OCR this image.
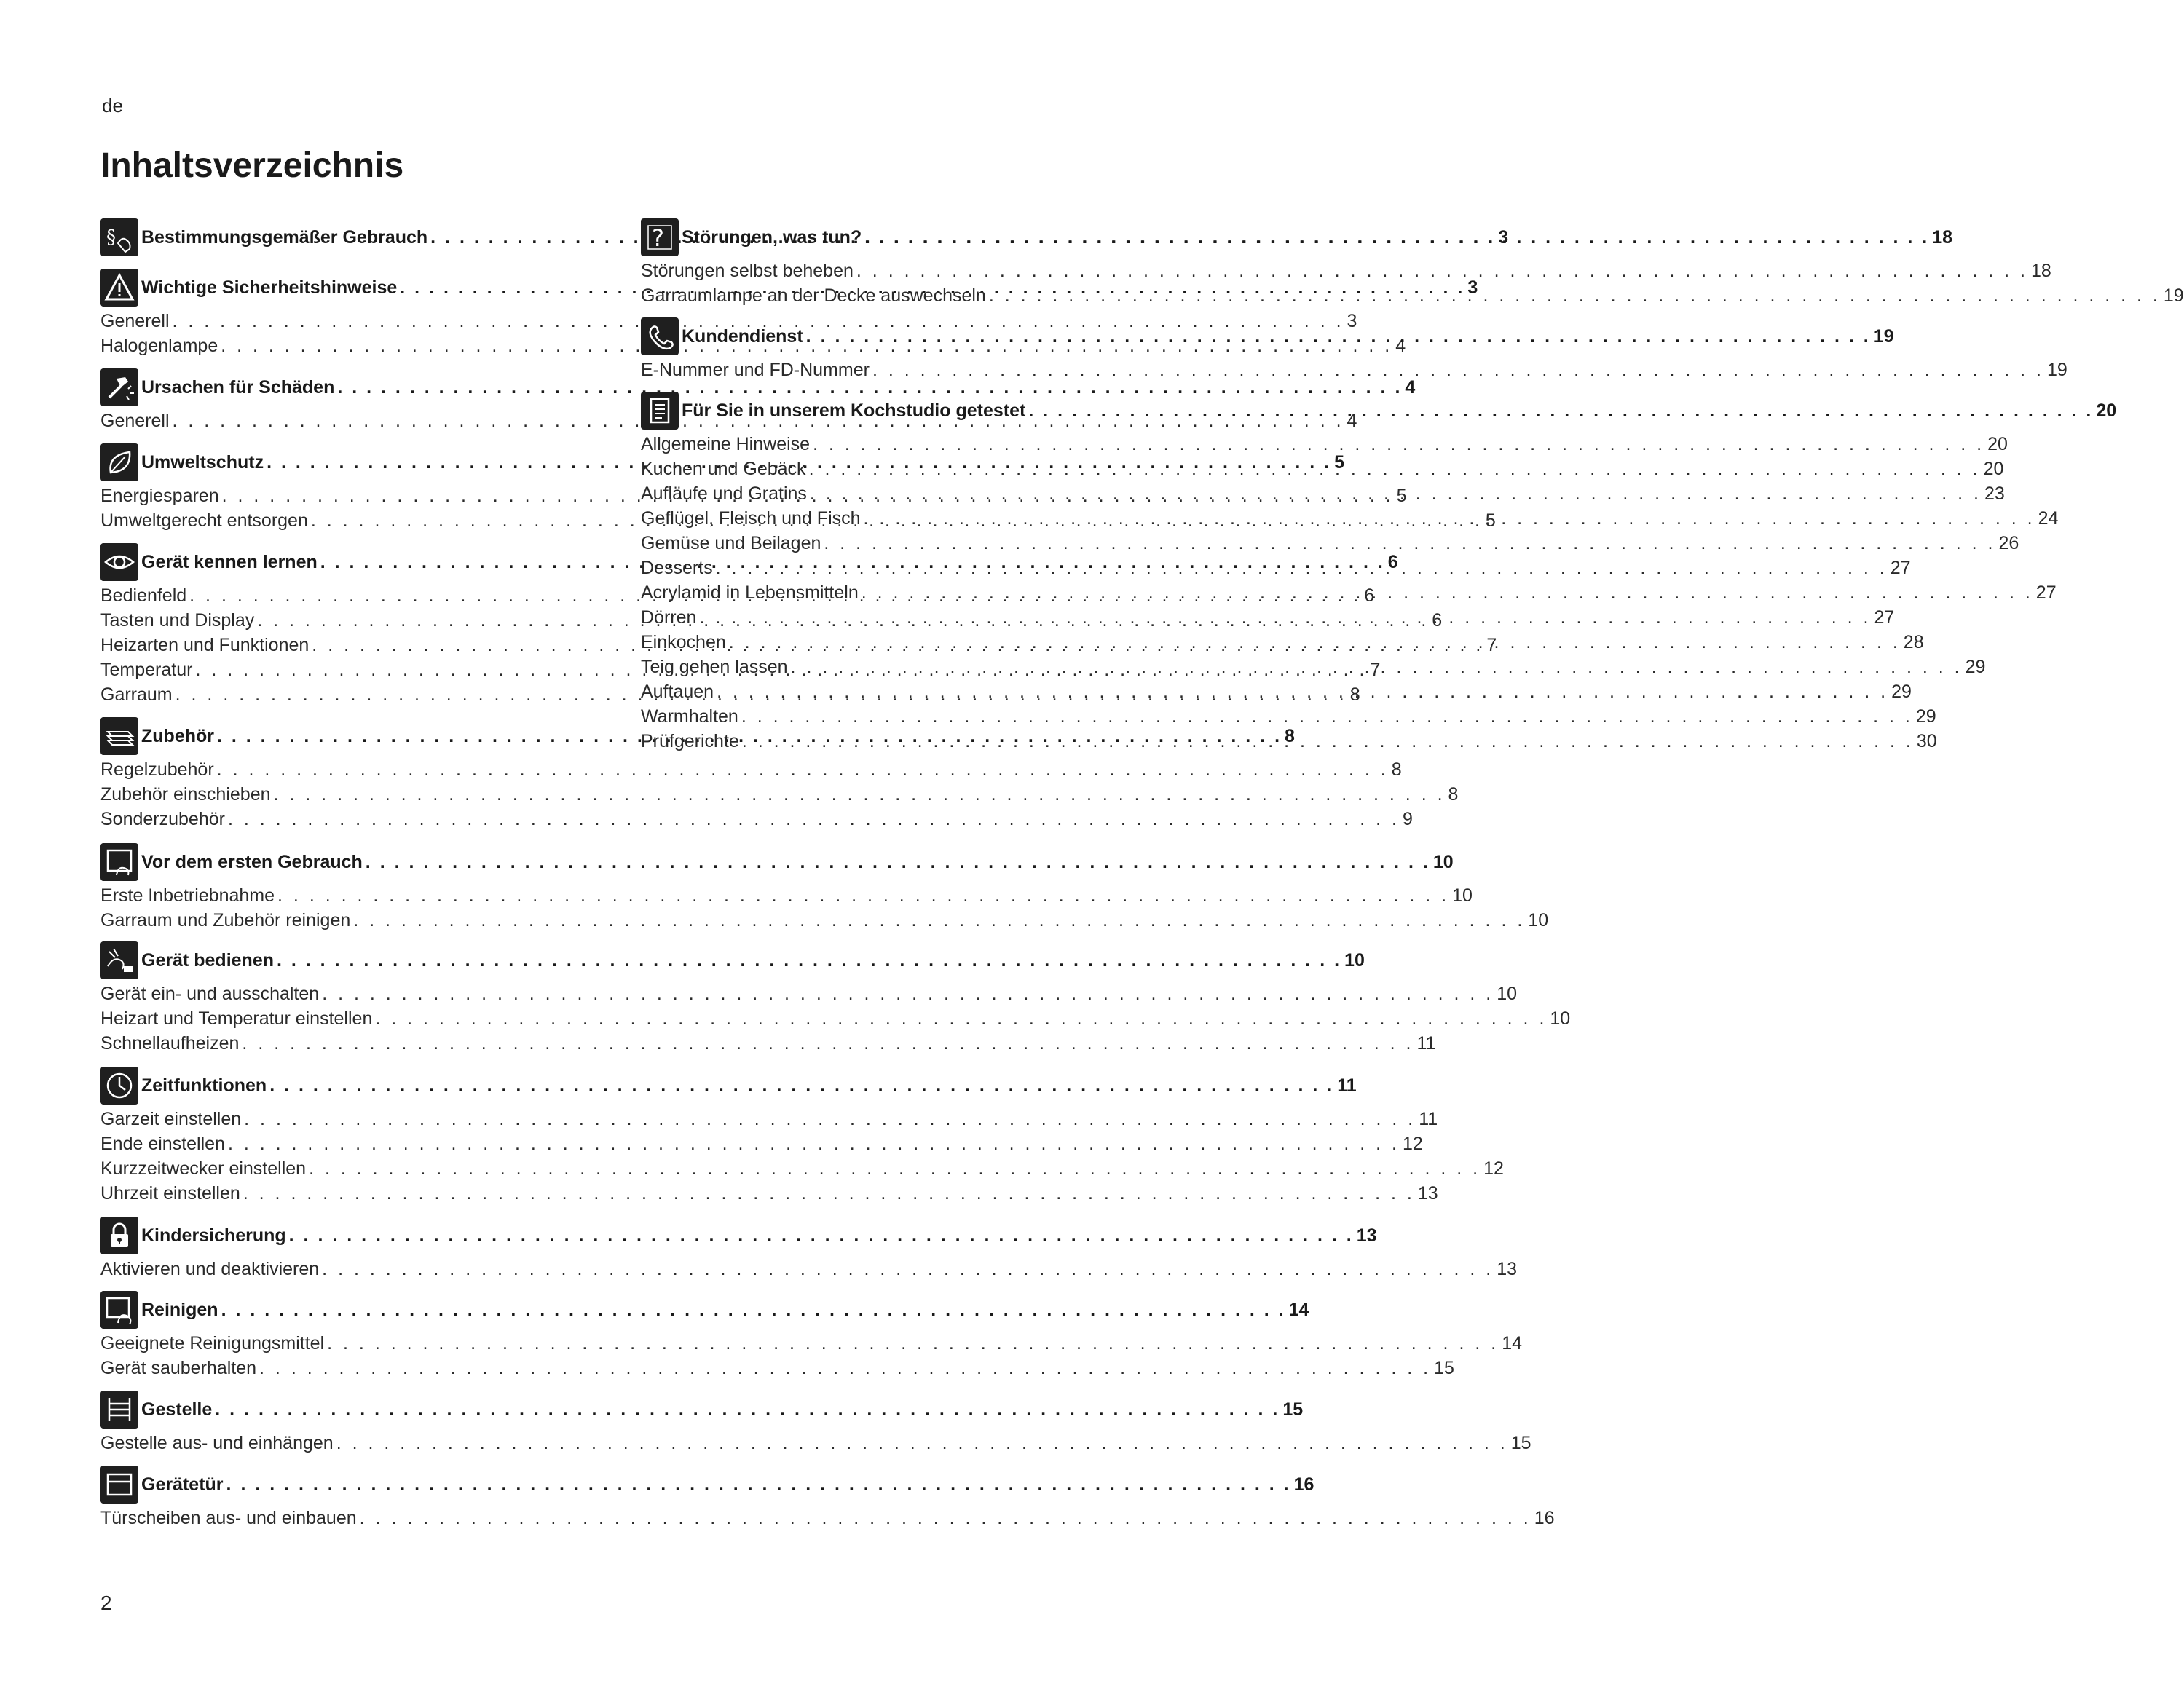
de
Inhaltsverzeichnis
§ Bestimmungsgemäßer Gebrauch . . .	3
Wichtige Sicherheitshinweise . . .	3
Generell . . .	3
Halogenlampe . . .	4
Ursachen für Schäden . . .	4
Generell . . .	4
Umweltschutz . . .	5
Energiesparen . . .	5
Umweltgerecht entsorgen . . .	5
Gerät kennen lernen . . .	6
Bedienfeld . . .	6
Tasten und Display . . .	6
Heizarten und Funktionen . . .	7
Temperatur . . .	7
Garraum . . .	8
Zubehör . . .	8
Regelzubehör . . .	8
Zubehör einschieben . . .	8
Sonderzubehör . . .	9
Vor dem ersten Gebrauch . . .	10
Erste Inbetriebnahme . . .	10
Garraum und Zubehör reinigen . . .	10
Gerät bedienen . . .	10
Gerät ein- und ausschalten . . .	10
Heizart und Temperatur einstellen . . .	10
Schnellaufheizen . . .	11
Zeitfunktionen . . .	11
Garzeit einstellen . . .	11
Ende einstellen . . .	12
Kurzzeitwecker einstellen . . .	12
Uhrzeit einstellen . . .	13
Kindersicherung . . .	13
Aktivieren und deaktivieren . . .	13
Reinigen . . .	14
Geeignete Reinigungsmittel . . .	14
Gerät sauberhalten . . .	15
Gestelle . . .	15
Gestelle aus- und einhängen . . .	15
Gerätetür . . .	16
Türscheiben aus- und einbauen . . .	16
? Störungen, was tun? . . .	18
Störungen selbst beheben . . .	18
Garraumlampe an der Decke auswechseln . . .	19
Kundendienst . . .	19
E-Nummer und FD-Nummer . . .	19
Für Sie in unserem Kochstudio getestet . . .	20
Allgemeine Hinweise . . .	20
Kuchen und Gebäck . . .	20
Aufläufe und Gratins . . .	23
Geflügel, Fleisch und Fisch . . .	24
Gemüse und Beilagen . . .	26
Desserts . . .	27
Acrylamid in Lebensmitteln . . .	27
Dörren . . .	27
Einkochen . . .	28
Teig gehen lassen . . .	29
Auftauen . . .	29
Warmhalten . . .	29
Prüfgerichte . . .	30
2
